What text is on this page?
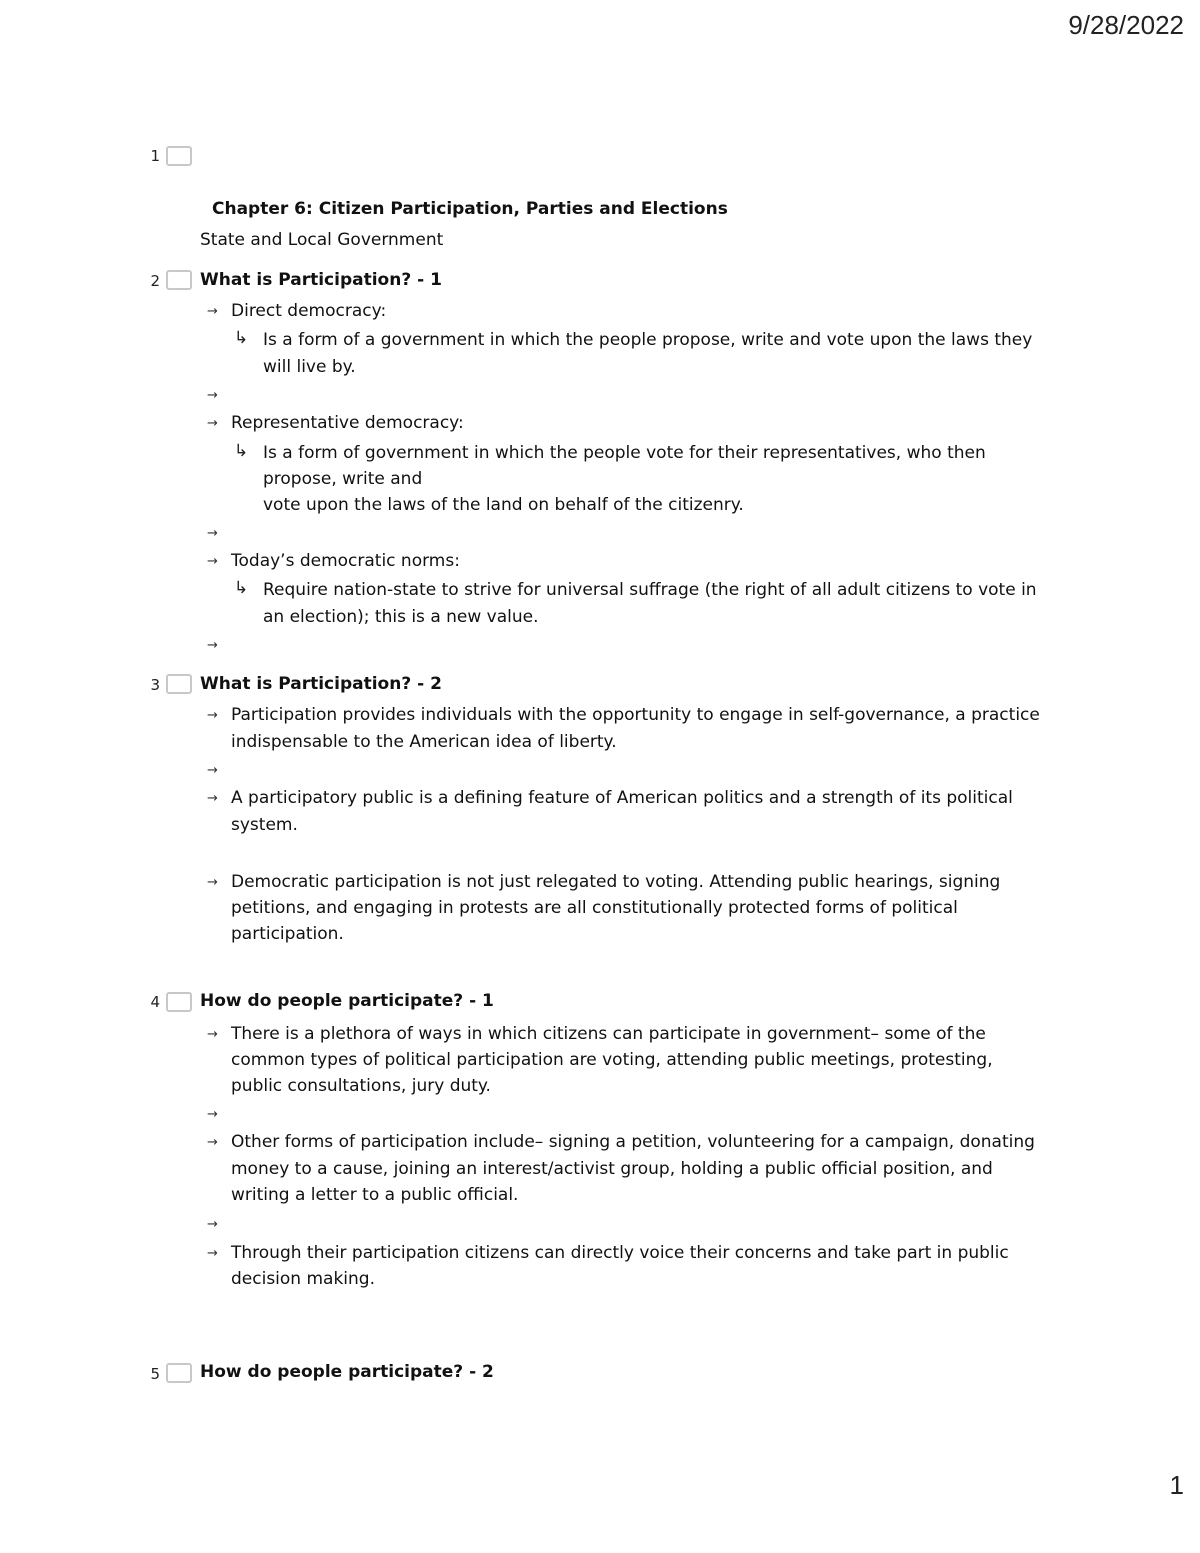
9/28/2022
1
Chapter 6: Citizen Participation, Parties and Elections
State and Local Government
2 What is Participation? - 1
→ Direct democracy:
↳ Is a form of a government in which the people propose, write and vote upon the laws they
will live by.
→
→ Representative democracy:
↳ Is a form of government in which the people vote for their representatives, who then
propose, write and
vote upon the laws of the land on behalf of the citizenry.
→
→ Today’s democratic norms:
↳ Require nation-state to strive for universal suffrage (the right of all adult citizens to vote in
an election); this is a new value.
→
3 What is Participation? - 2
→ Participation provides individuals with the opportunity to engage in self-governance, a practice
indispensable to the American idea of liberty.
→
→ A participatory public is a defining feature of American politics and a strength of its political
system.
→ Democratic participation is not just relegated to voting. Attending public hearings, signing
petitions, and engaging in protests are all constitutionally protected forms of political
participation.
4 How do people participate? - 1
→ There is a plethora of ways in which citizens can participate in government– some of the
common types of political participation are voting, attending public meetings, protesting,
public consultations, jury duty.
→
→ Other forms of participation include– signing a petition, volunteering for a campaign, donating
money to a cause, joining an interest/activist group, holding a public official position, and
writing a letter to a public official.
→
→ Through their participation citizens can directly voice their concerns and take part in public
decision making.
5 How do people participate? - 2
1
